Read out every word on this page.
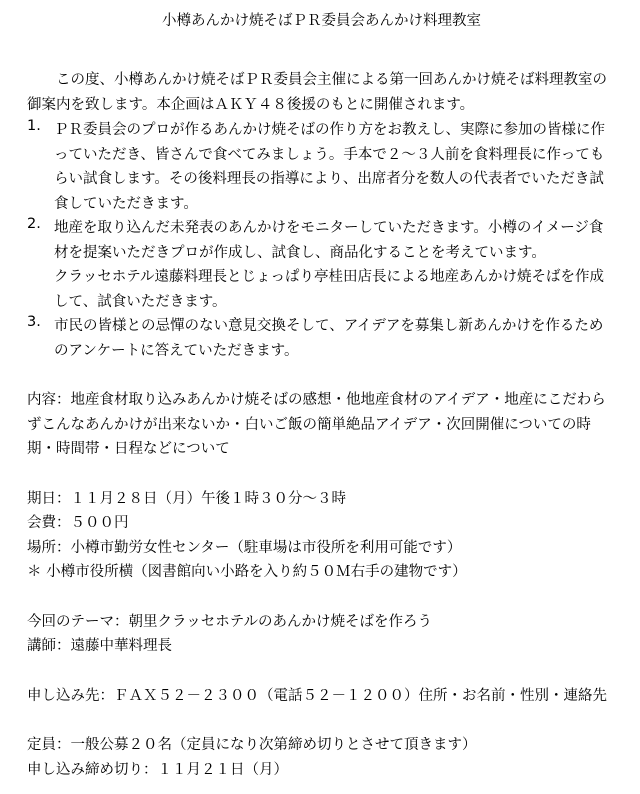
小樽あんかけ焼そばＰＲ委員会あんかけ料理教室

この度、小樽あんかけ焼そばＰＲ委員会主催による第一回あんかけ焼そば料理教室の御案内を致します。本企画はＡＫＹ４８後援のもとに開催されます。

1. ＰＲ委員会のプロが作るあんかけ焼そばの作り方をお教えし、実際に参加の皆様に作っていただき、皆さんで食べてみましょう。手本で２～３人前を食料理長に作ってもらい試食します。その後料理長の指導により、出席者分を数人の代表者でいただき試食していただきます。

2. 地産を取り込んだ未発表のあんかけをモニターしていただきます。小樽のイメージ食材を提案いただきプロが作成し、試食し、商品化することを考えています。

クラッセホテル遠藤料理長とじょっぱり亭桂田店長による地産あんかけ焼そばを作成して、試食いただきます。

3. 市民の皆様との忌憚のない意見交換そして、アイデアを募集し新あんかけを作るためのアンケートに答えていただきます。

内容：地産食材取り込みあんかけ焼そばの感想・他地産食材のアイデア・地産にこだわらずこんなあんかけが出来ないか・白いご飯の簡単絶品アイデア・次回開催についての時期・時間帯・日程などについて

期日：１１月２８日（月）午後１時３０分～３時

会費：５００円

場所：小樽市勤労女性センター（駐車場は市役所を利用可能です）

＊ 小樽市役所横（図書館向い小路を入り約５０Ｍ右手の建物です）

今回のテーマ：朝里クラッセホテルのあんかけ焼そばを作ろう

講師：遠藤中華料理長

申し込み先：ＦＡＸ５２－２３００（電話５２－１２００）住所・お名前・性別・連絡先

定員：一般公募２０名（定員になり次第締め切りとさせて頂きます）

申し込み締め切り：１１月２１日（月）
